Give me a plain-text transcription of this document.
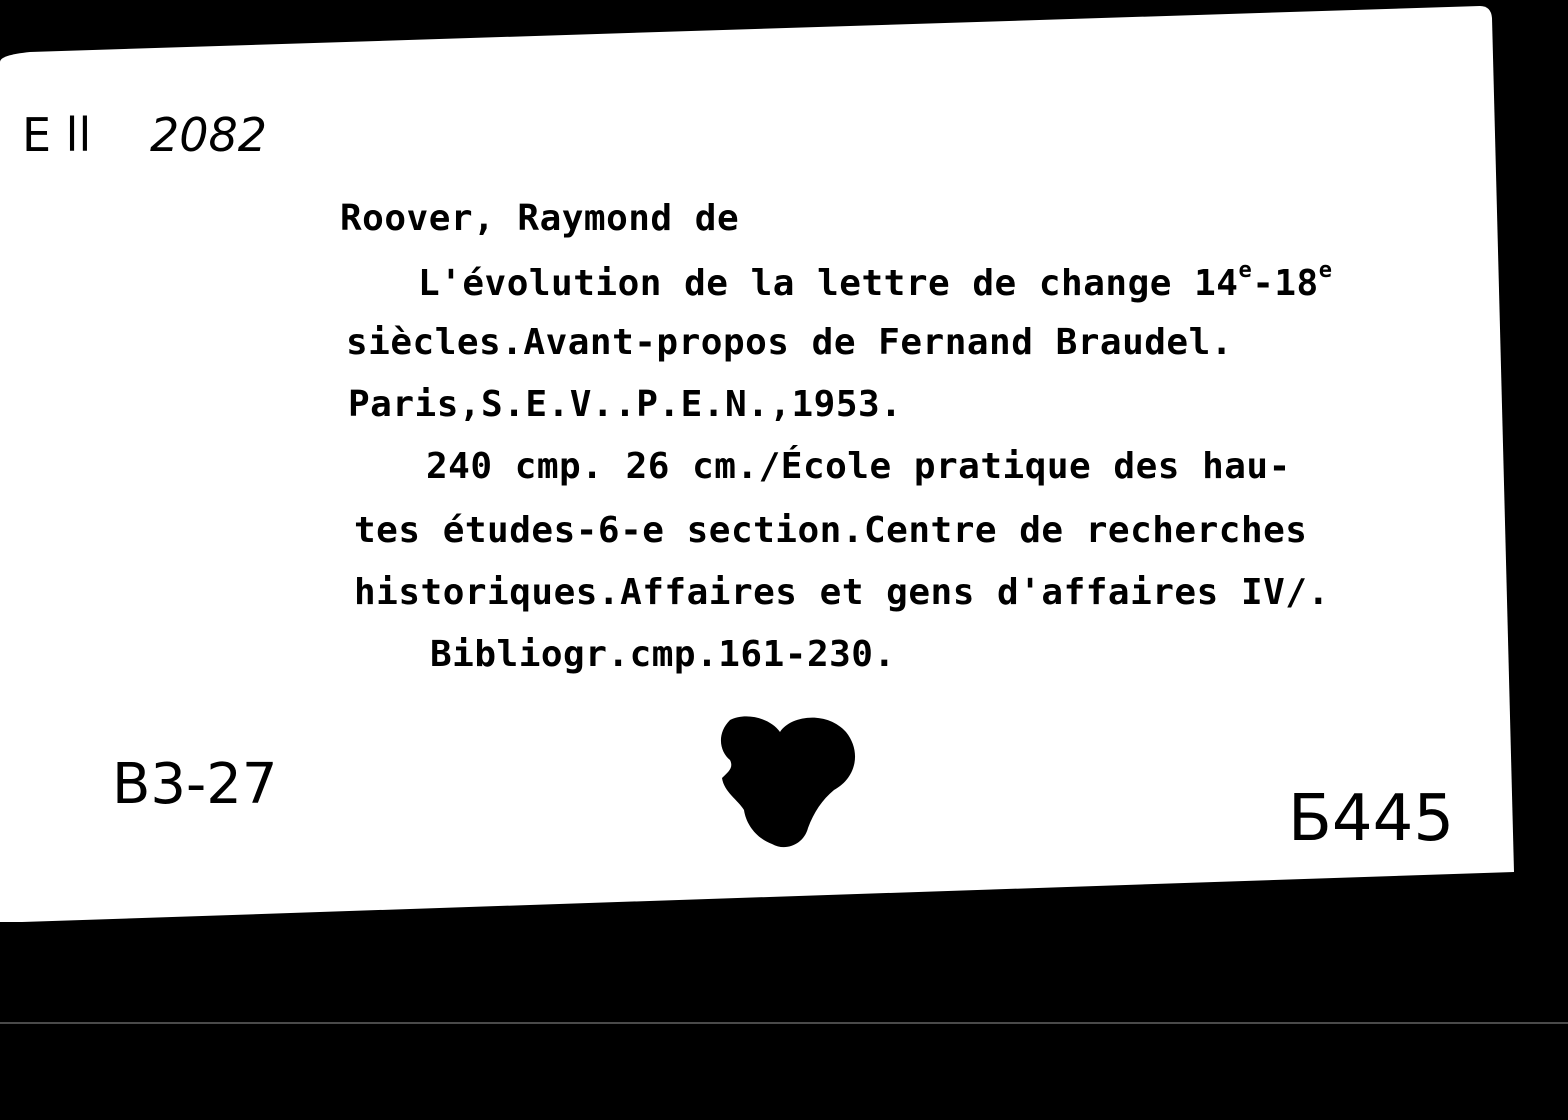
E ll 2082
B3-27	Б445
Roover, Raymond de
L'évolution de la lettre de change 14e-18e
siècles.Avant-propos de Fernand Braudel.
Paris,S.E.V..P.E.N.,1953.
240 cmp. 26 cm./École pratique des hau-
tes études-6-e section.Centre de recherches
historiques.Affaires et gens d'affaires IV/.
Bibliogr.cmp.161-230.
